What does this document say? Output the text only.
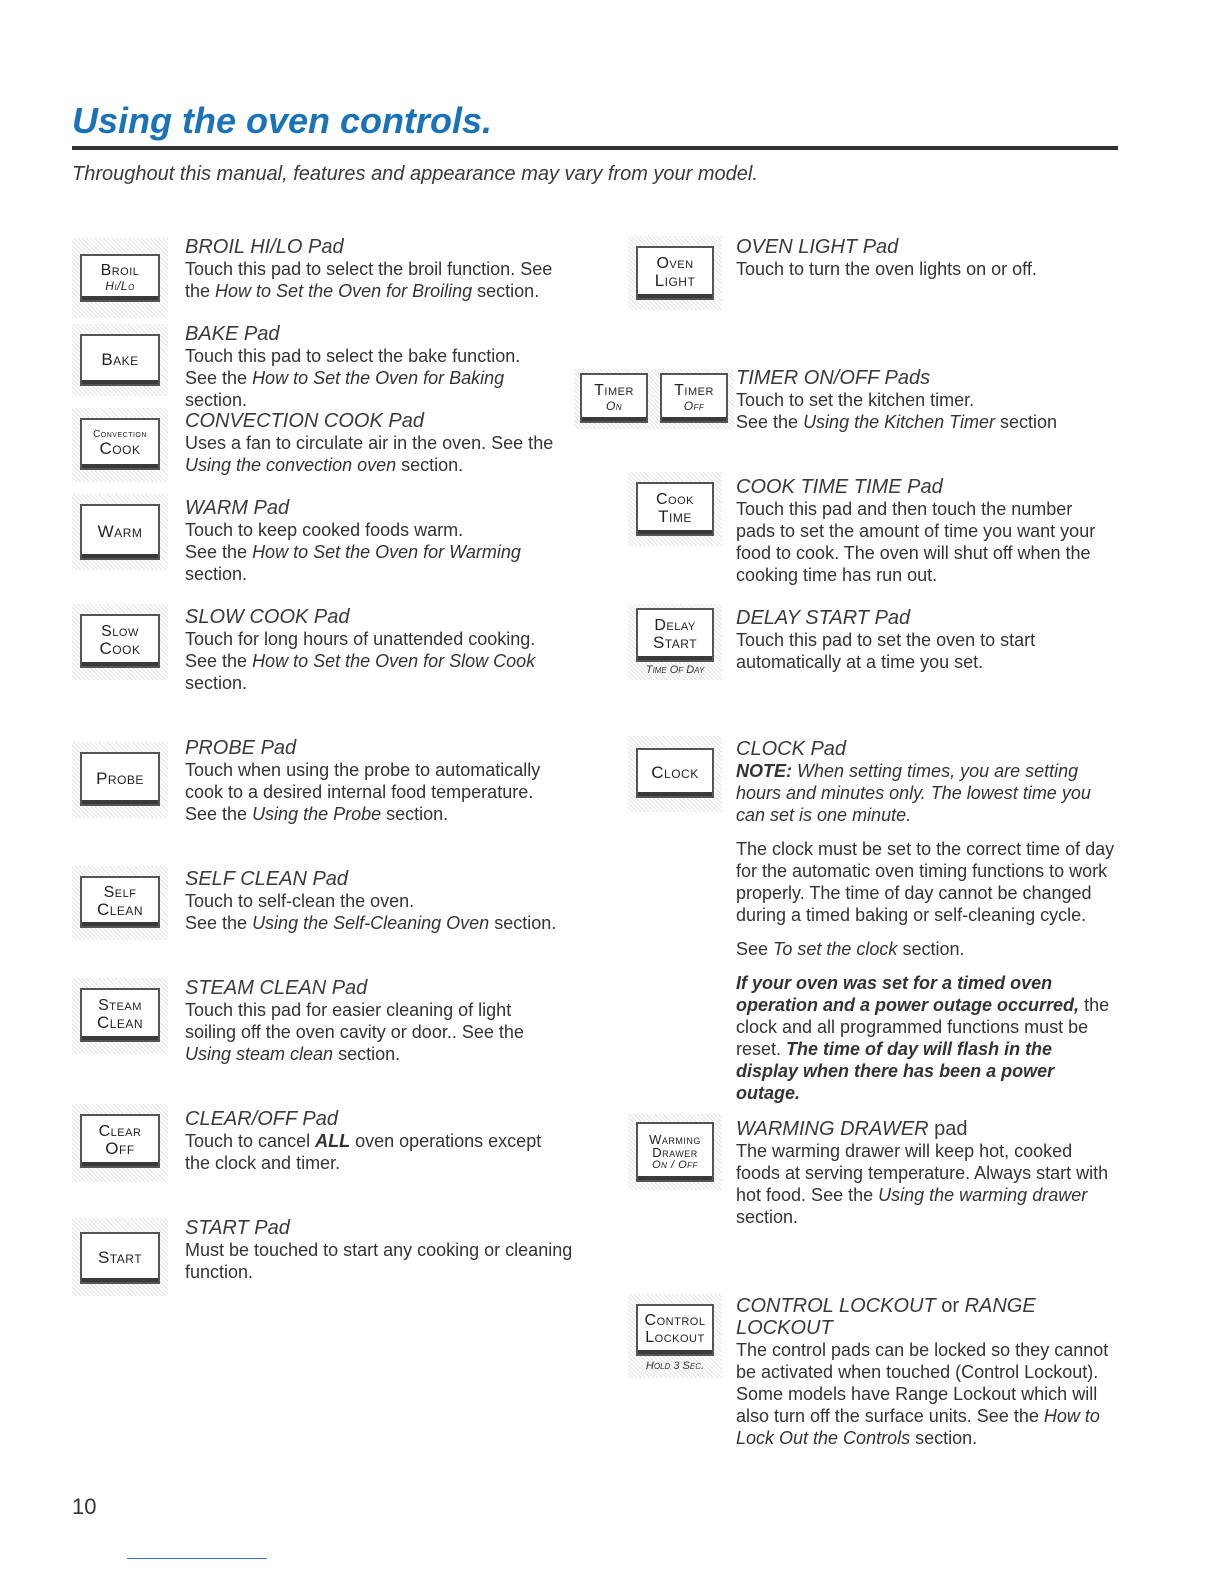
Using the oven controls.
Throughout this manual, features and appearance may vary from your model.
Broil
Hi/Lo
Bake
Convection
Cook
Warm
Slow
Cook
Probe
Self
Clean
Steam
Clean
Clear
Off
Start
BROIL HI/LO Pad

Touch this pad to select the broil function. See the How to Set the Oven for Broiling section.

BAKE Pad

Touch this pad to select the bake function. See the How to Set the Oven for Baking section.

CONVECTION COOK Pad

Uses a fan to circulate air in the oven. See the Using the convection oven section.

WARM Pad

Touch to keep cooked foods warm.

See the How to Set the Oven for Warming section.

SLOW COOK Pad

Touch for long hours of unattended cooking.

See the How to Set the Oven for Slow Cook section.

PROBE Pad

Touch when using the probe to automatically cook to a desired internal food temperature.

See the Using the Probe section.

SELF CLEAN Pad

Touch to self-clean the oven.

See the Using the Self-Cleaning Oven section.

STEAM CLEAN Pad

Touch this pad for easier cleaning of light soiling off the oven cavity or door.. See the Using steam clean section.

CLEAR/OFF Pad

Touch to cancel ALL oven operations except the clock and timer.

START Pad

Must be touched to start any cooking or cleaning function.

Oven
Light
Timer
On
Timer
Off
Cook
Time
Delay
Start
Time Of Day
Clock
Warming
Drawer
On / Off
Control
Lockout
Hold 3 Sec.
OVEN LIGHT Pad

Touch to turn the oven lights on or off.

TIMER ON/OFF Pads

Touch to set the kitchen timer.

See the Using the Kitchen Timer section

COOK TIME TIME Pad

Touch this pad and then touch the number pads to set the amount of time you want your food to cook. The oven will shut off when the cooking time has run out.

DELAY START Pad

Touch this pad to set the oven to start automatically at a time you set.

CLOCK Pad

NOTE: When setting times, you are setting hours and minutes only. The lowest time you can set is one minute.

The clock must be set to the correct time of day for the automatic oven timing functions to work properly. The time of day cannot be changed during a timed baking or self-cleaning cycle.

See To set the clock section.

If your oven was set for a timed oven operation and a power outage occurred, the clock and all programmed functions must be reset. The time of day will flash in the display when there has been a power outage.

WARMING DRAWER pad

The warming drawer will keep hot, cooked foods at serving temperature. Always start with hot food. See the Using the warming drawer section.

CONTROL LOCKOUT or RANGE LOCKOUT

The control pads can be locked so they cannot be activated when touched (Control Lockout). Some models have Range Lockout which will also turn off the surface units. See the How to Lock Out the Controls section.

10
